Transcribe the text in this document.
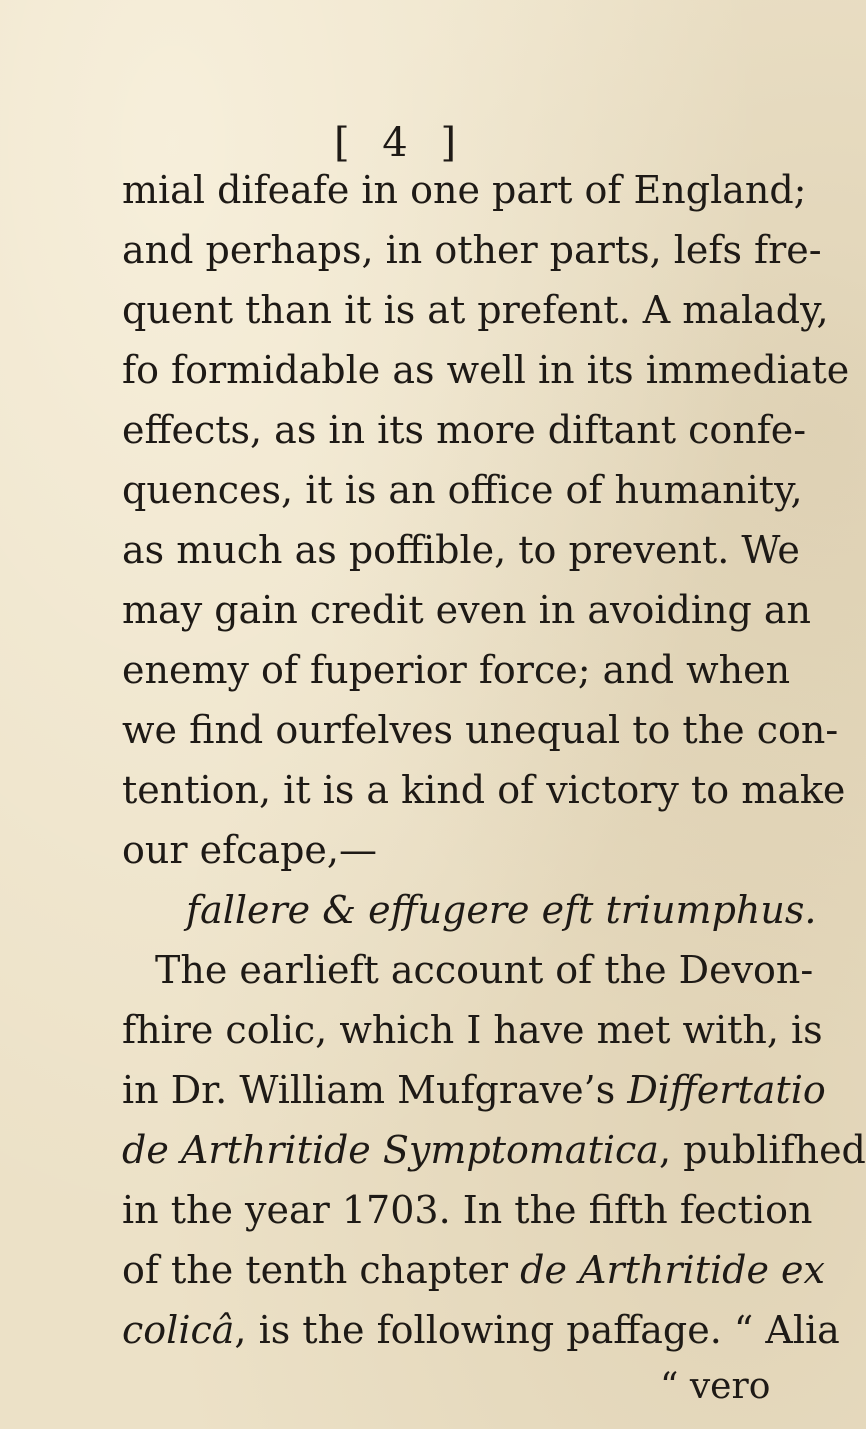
[ 4 ]
mial difeafe in one part of England;
and perhaps, in other parts, lefs fre-
quent than it is at prefent. A malady,
fo formidable as well in its immediate
effects, as in its more diftant confe-
quences, it is an office of humanity,
as much as poffible, to prevent. We
may gain credit even in avoiding an
enemy of fuperior force; and when
we find ourfelves unequal to the con-
tention, it is a kind of victory to make
our efcape,—
fallere & effugere eft triumphus.
The earlieft account of the Devon-
fhire colic, which I have met with, is
in Dr. William Mufgrave’s Differtatio
de Arthritide Symptomatica, publifhed
in the year 1703. In the fifth fection
of the tenth chapter de Arthritide ex
colicâ, is the following paffage. “ Alia
“ vero
